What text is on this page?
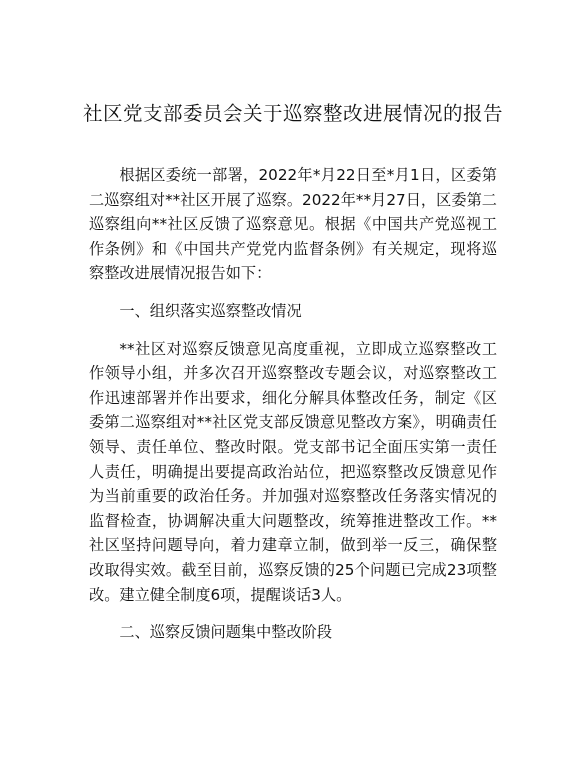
社区党支部委员会关于巡察整改进展情况的报告

根据区委统一部署，2022年*月22日至*月1日，区委第二巡察组对**社区开展了巡察。2022年**月27日，区委第二巡察组向**社区反馈了巡察意见。根据《中国共产党巡视工作条例》和《中国共产党党内监督条例》有关规定，现将巡察整改进展情况报告如下：

一、组织落实巡察整改情况

**社区对巡察反馈意见高度重视，立即成立巡察整改工作领导小组，并多次召开巡察整改专题会议，对巡察整改工作迅速部署并作出要求，细化分解具体整改任务，制定《区委第二巡察组对**社区党支部反馈意见整改方案》，明确责任领导、责任单位、整改时限。党支部书记全面压实第一责任人责任，明确提出要提高政治站位，把巡察整改反馈意见作为当前重要的政治任务。并加强对巡察整改任务落实情况的监督检查，协调解决重大问题整改，统筹推进整改工作。**社区坚持问题导向，着力建章立制，做到举一反三，确保整改取得实效。截至目前，巡察反馈的25个问题已完成23项整改。建立健全制度6项，提醒谈话3人。

二、巡察反馈问题集中整改阶段
